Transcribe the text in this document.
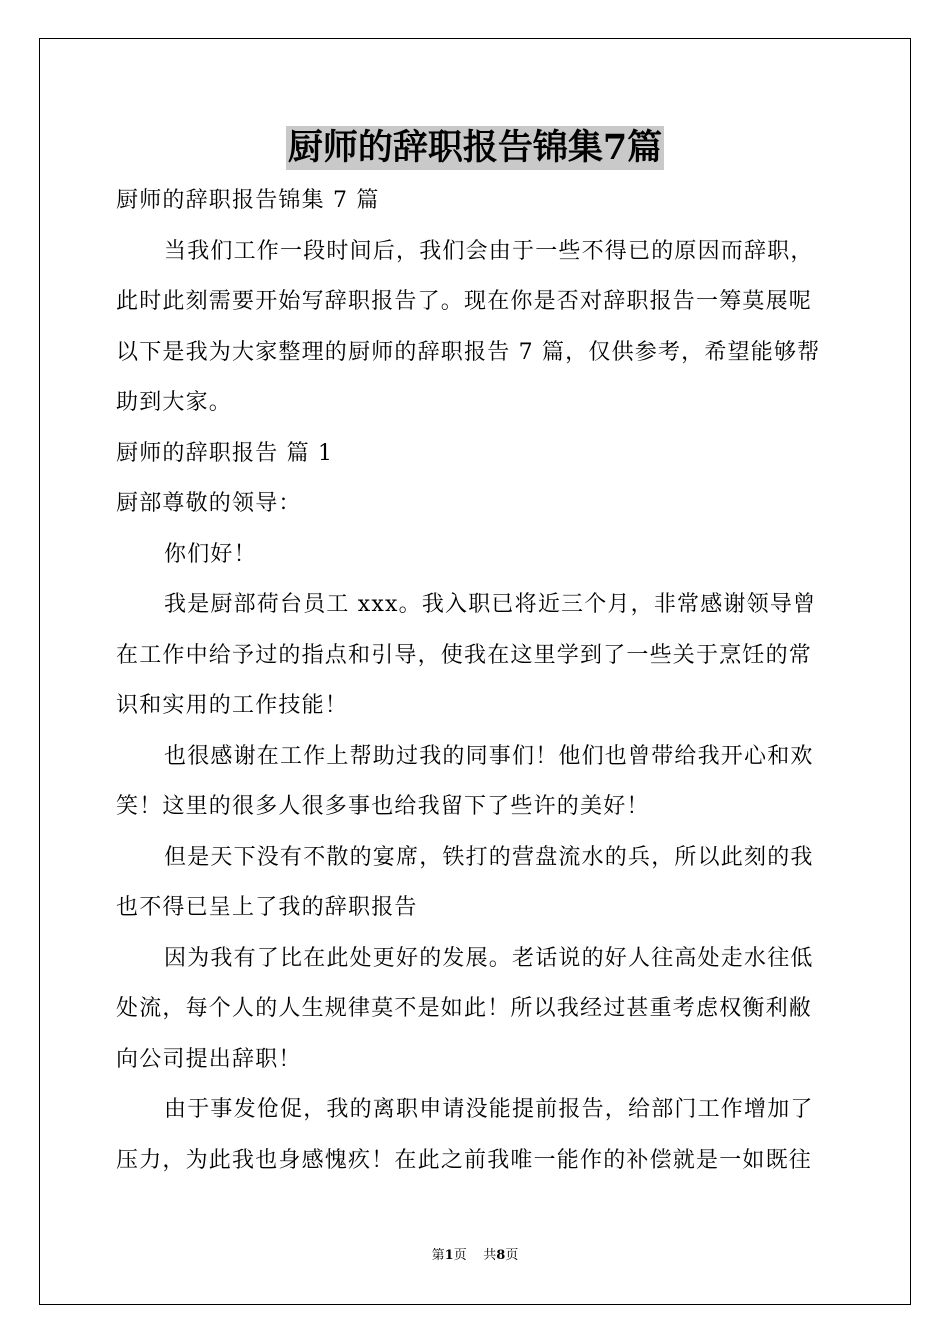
厨师的辞职报告锦集7篇
厨师的辞职报告锦集 7 篇
当我们工作一段时间后，我们会由于一些不得已的原因而辞职，
此时此刻需要开始写辞职报告了。现在你是否对辞职报告一筹莫展呢
以下是我为大家整理的厨师的辞职报告 7 篇，仅供参考，希望能够帮
助到大家。
厨师的辞职报告 篇 1
厨部尊敬的领导：
你们好！
我是厨部荷台员工 xxx。我入职已将近三个月，非常感谢领导曾
在工作中给予过的指点和引导，使我在这里学到了一些关于烹饪的常
识和实用的工作技能！
也很感谢在工作上帮助过我的同事们！他们也曾带给我开心和欢
笑！这里的很多人很多事也给我留下了些许的美好！
但是天下没有不散的宴席，铁打的营盘流水的兵，所以此刻的我
也不得已呈上了我的辞职报告
因为我有了比在此处更好的发展。老话说的好人往高处走水往低
处流，每个人的人生规律莫不是如此！所以我经过甚重考虑权衡利敝
向公司提出辞职！
由于事发伧促，我的离职申请没能提前报告，给部门工作增加了
压力，为此我也身感愧疚！在此之前我唯一能作的补偿就是一如既往
第1页 共8页
